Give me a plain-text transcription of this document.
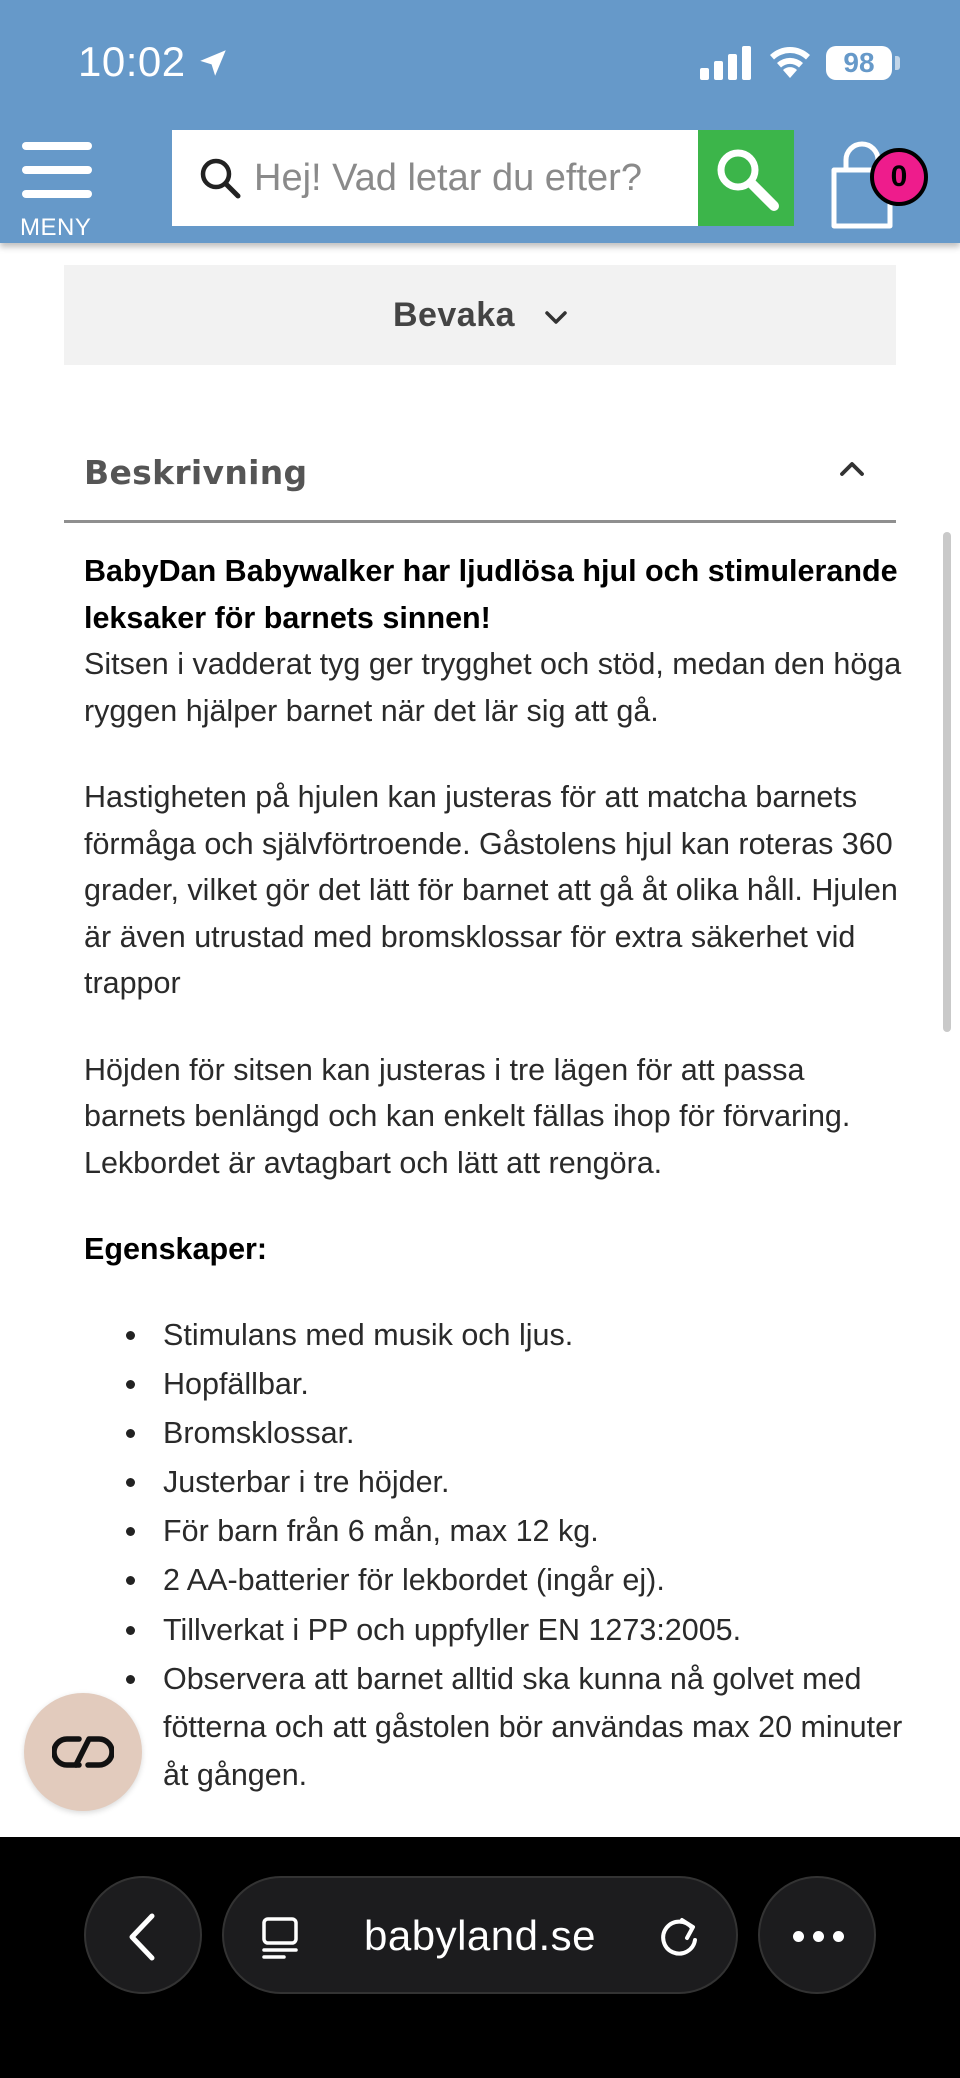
10:02	98
MENY
Hej! Vad letar du efter?
0
Bevaka
Beskrivning

BabyDan Babywalker har ljudlösa hjul och stimulerande leksaker för barnets sinnen!

Sitsen i vadderat tyg ger trygghet och stöd, medan den höga ryggen hjälper barnet när det lär sig att gå.

Hastigheten på hjulen kan justeras för att matcha barnets förmåga och självförtroende. Gåstolens hjul kan roteras 360 grader, vilket gör det lätt för barnet att gå åt olika håll. Hjulen är även utrustad med bromsklossar för extra säkerhet vid trappor

Höjden för sitsen kan justeras i tre lägen för att passa barnets benlängd och kan enkelt fällas ihop för förvaring. Lekbordet är avtagbart och lätt att rengöra.

Egenskaper:

Stimulans med musik och ljus.
Hopfällbar.
Bromsklossar.
Justerbar i tre höjder.
För barn från 6 mån, max 12 kg.
2 AA-batterier för lekbordet (ingår ej).
Tillverkat i PP och uppfyller EN 1273:2005.
Observera att barnet alltid ska kunna nå golvet med fötterna och att gåstolen bör användas max 20 minuter åt gången.
babyland.se
